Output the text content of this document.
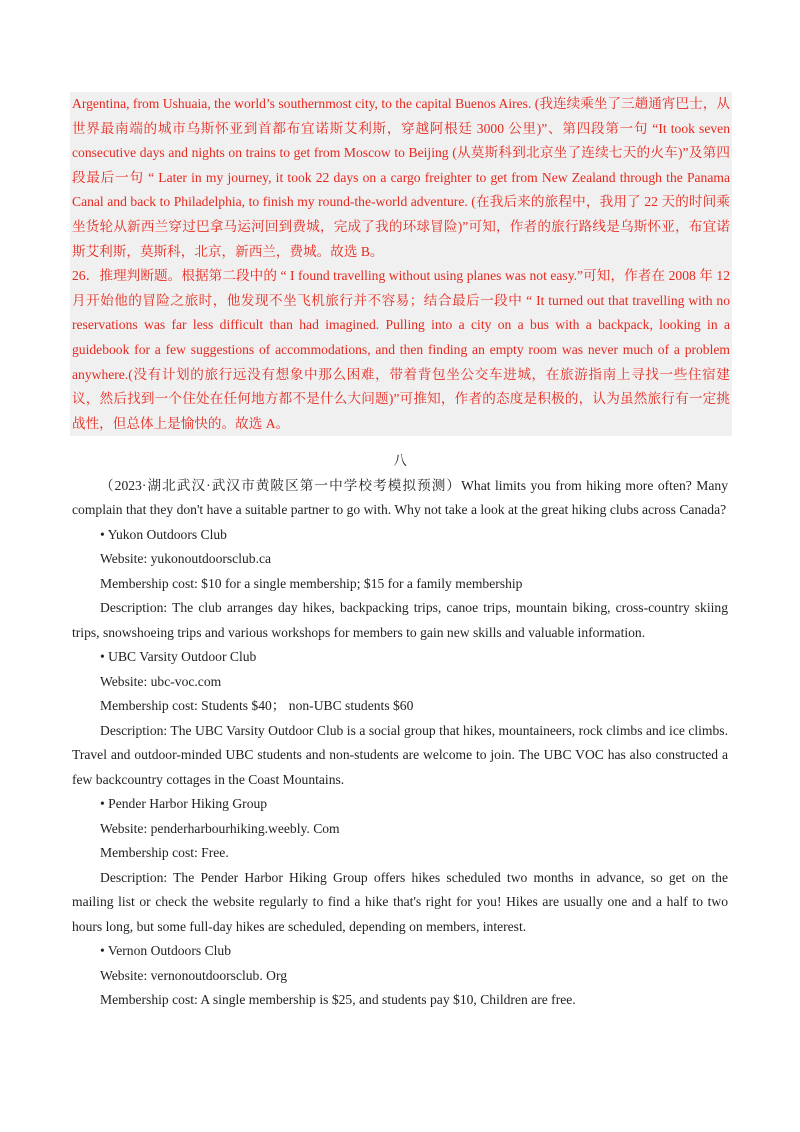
Argentina, from Ushuaia, the world’s southernmost city, to the capital Buenos Aires. (我连续乘坐了三趟通宵巴士，从世界最南端的城市乌斯怀亚到首都布宜诺斯艾利斯，穿越阿根廷 3000 公里)”、第四段第一句 “It took seven consecutive days and nights on trains to get from Moscow to Beijing (从莫斯科到北京坐了连续七天的火车)”及第四段最后一句 “ Later in my journey, it took 22 days on a cargo freighter to get from New Zealand through the Panama Canal and back to Philadelphia, to finish my round-the-world adventure. (在我后来的旅程中，我用了 22 天的时间乘坐货轮从新西兰穿过巴拿马运河回到费城，完成了我的环球冒险)”可知，作者的旅行路线是乌斯怀亚，布宜诺斯艾利斯，莫斯科，北京，新西兰，费城。故选 B。

26．推理判断题。根据第二段中的 “ I found travelling without using planes was not easy.”可知，作者在 2008 年 12 月开始他的冒险之旅时，他发现不坐飞机旅行并不容易；结合最后一段中 “ It turned out that travelling with no reservations was far less difficult than had imagined. Pulling into a city on a bus with a backpack, looking in a guidebook for a few suggestions of accommodations, and then finding an empty room was never much of a problem anywhere.(没有计划的旅行远没有想象中那么困难，带着背包坐公交车进城，在旅游指南上寻找一些住宿建议，然后找到一个住处在任何地方都不是什么大问题)”可推知，作者的态度是积极的，认为虽然旅行有一定挑战性，但总体上是愉快的。故选 A。

八

（2023·湖北武汉·武汉市黄陂区第一中学校考模拟预测）What limits you from hiking more often? Many complain that they don't have a suitable partner to go with. Why not take a look at the great hiking clubs across Canada?

• Yukon Outdoors Club

Website: yukonoutdoorsclub.ca

Membership cost: $10 for a single membership; $15 for a family membership

Description: The club arranges day hikes, backpacking trips, canoe trips, mountain biking, cross-country skiing trips, snowshoeing trips and various workshops for members to gain new skills and valuable information.

• UBC Varsity Outdoor Club

Website: ubc-voc.com

Membership cost: Students $40； non-UBC students $60

Description: The UBC Varsity Outdoor Club is a social group that hikes, mountaineers, rock climbs and ice climbs. Travel and outdoor-minded UBC students and non-students are welcome to join. The UBC VOC has also constructed a few backcountry cottages in the Coast Mountains.

• Pender Harbor Hiking Group

Website: penderharbourhiking.weebly. Com

Membership cost: Free.

Description: The Pender Harbor Hiking Group offers hikes scheduled two months in advance, so get on the mailing list or check the website regularly to find a hike that's right for you! Hikes are usually one and a half to two hours long, but some full-day hikes are scheduled, depending on members, interest.

• Vernon Outdoors Club

Website: vernonoutdoorsclub. Org

Membership cost: A single membership is $25, and students pay $10, Children are free.
